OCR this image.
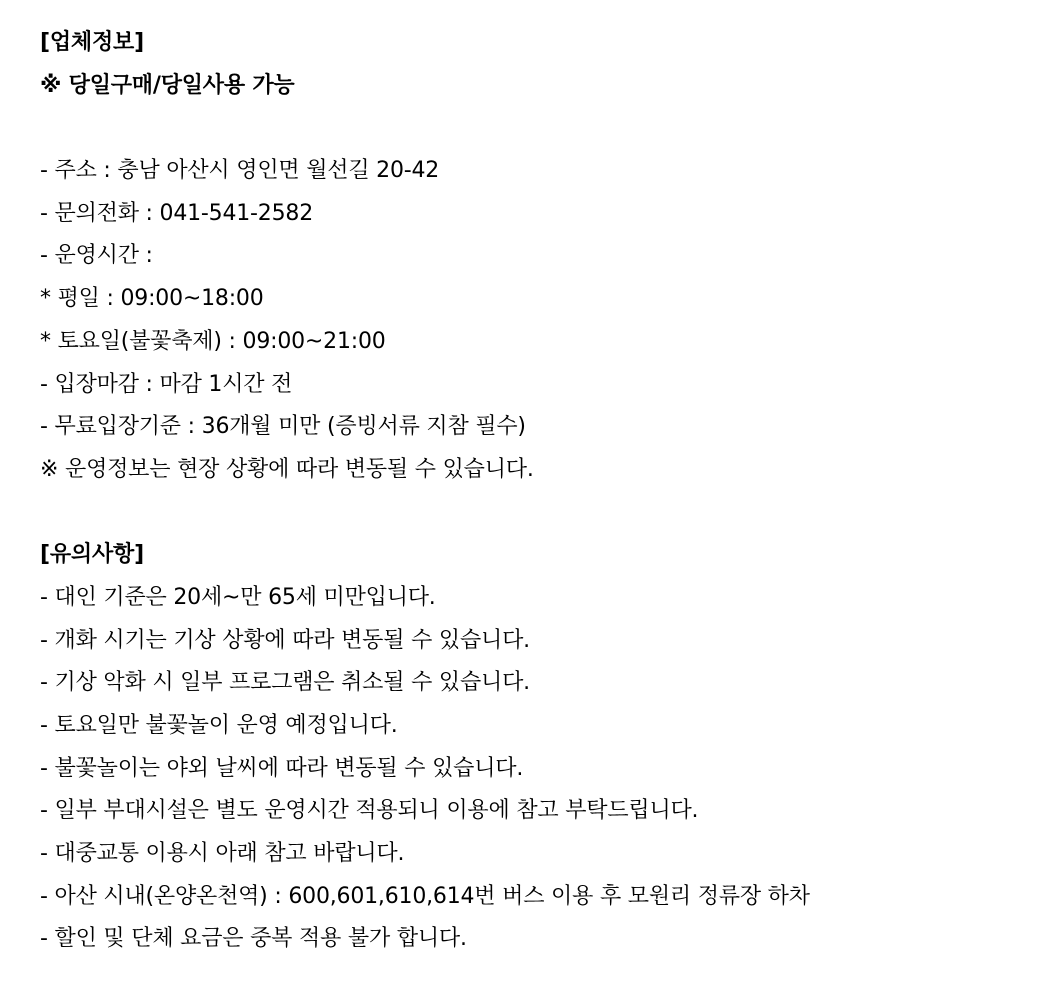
[업체정보]
※ 당일구매/당일사용 가능
- 주소 : 충남 아산시 영인면 월선길 20-42
- 문의전화 : 041-541-2582
- 운영시간 :
* 평일 : 09:00~18:00
* 토요일(불꽃축제) : 09:00~21:00
- 입장마감 : 마감 1시간 전
- 무료입장기준 : 36개월 미만 (증빙서류 지참 필수)
※ 운영정보는 현장 상황에 따라 변동될 수 있습니다.
[유의사항]
- 대인 기준은 20세~만 65세 미만입니다.
- 개화 시기는 기상 상황에 따라 변동될 수 있습니다.
- 기상 악화 시 일부 프로그램은 취소될 수 있습니다.
- 토요일만 불꽃놀이 운영 예정입니다.
- 불꽃놀이는 야외 날씨에 따라 변동될 수 있습니다.
- 일부 부대시설은 별도 운영시간 적용되니 이용에 참고 부탁드립니다.
- 대중교통 이용시 아래 참고 바랍니다.
- 아산 시내(온양온천역) : 600,601,610,614번 버스 이용 후 모원리 정류장 하차
- 할인 및 단체 요금은 중복 적용 불가 합니다.
